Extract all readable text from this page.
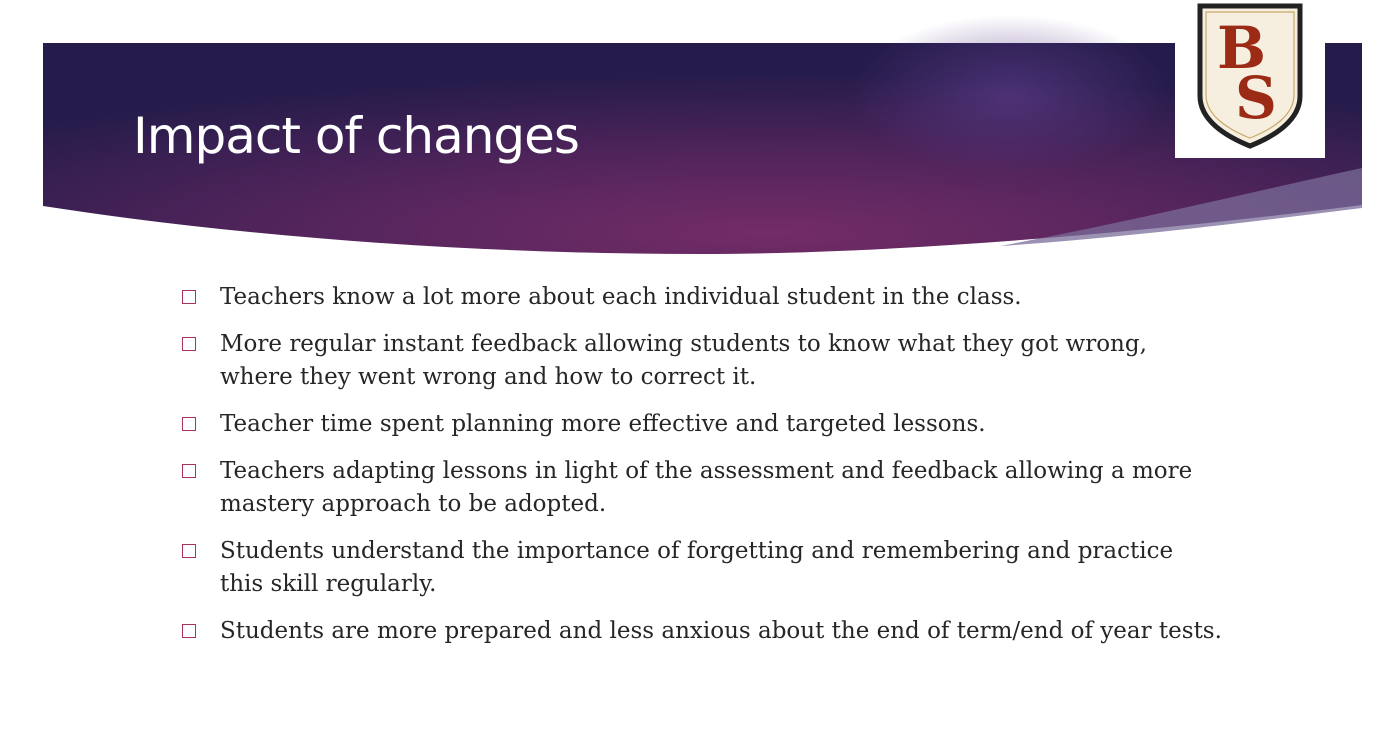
Impact of changes
B
S
Teachers know a lot more about each individual student in the class.
More regular instant feedback allowing students to know what they got wrong, where they went wrong and how to correct it.
Teacher time spent planning more effective and targeted lessons.
Teachers adapting lessons in light of the assessment and feedback allowing a more mastery approach to be adopted.
Students understand the importance of forgetting and remembering and practice this skill regularly.
Students are more prepared and less anxious about the end of term/end of year tests.
